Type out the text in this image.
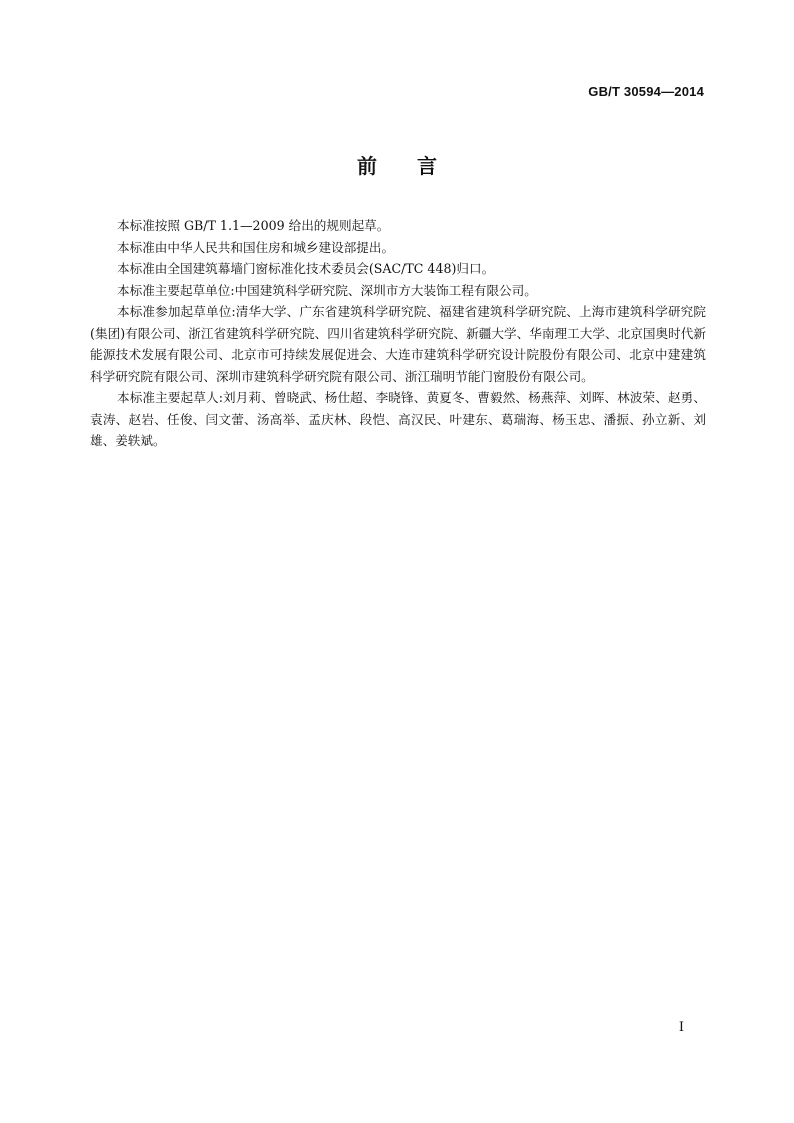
GB/T 30594—2014
前言

本标准按照 GB/T 1.1—2009 给出的规则起草。

本标准由中华人民共和国住房和城乡建设部提出。

本标准由全国建筑幕墙门窗标准化技术委员会(SAC/TC 448)归口。

本标准主要起草单位:中国建筑科学研究院、深圳市方大装饰工程有限公司。

本标准参加起草单位:清华大学、广东省建筑科学研究院、福建省建筑科学研究院、上海市建筑科学研究院(集团)有限公司、浙江省建筑科学研究院、四川省建筑科学研究院、新疆大学、华南理工大学、北京国奥时代新能源技术发展有限公司、北京市可持续发展促进会、大连市建筑科学研究设计院股份有限公司、北京中建建筑科学研究院有限公司、深圳市建筑科学研究院有限公司、浙江瑞明节能门窗股份有限公司。

本标准主要起草人:刘月莉、曾晓武、杨仕超、李晓锋、黄夏冬、曹毅然、杨燕萍、刘晖、林波荣、赵勇、袁涛、赵岩、任俊、闫文蕾、汤高举、孟庆林、段恺、高汉民、叶建东、葛瑞海、杨玉忠、潘振、孙立新、刘雄、姜轶斌。

I
